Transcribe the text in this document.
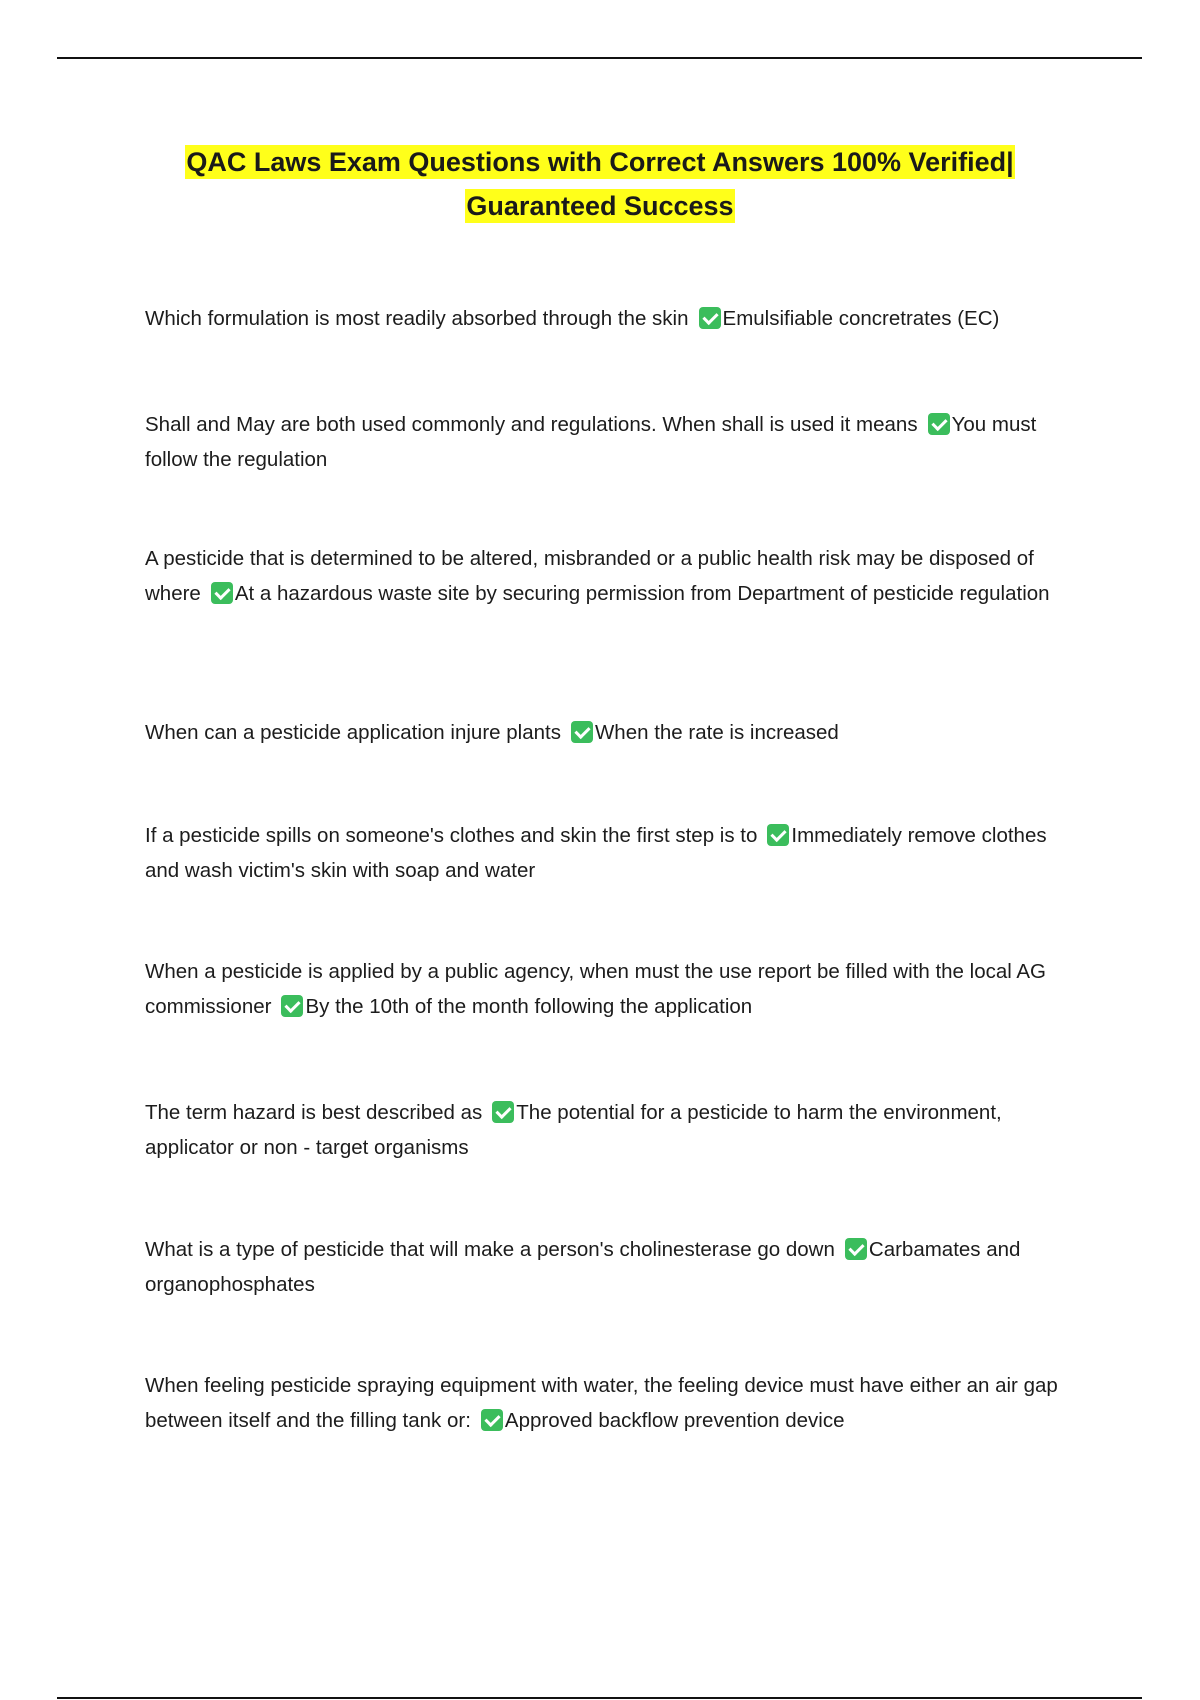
QAC Laws Exam Questions with Correct Answers 100% Verified|
Guaranteed Success
Which formulation is most readily absorbed through the skin Emulsifiable concretrates (EC)
Shall and May are both used commonly and regulations. When shall is used it means You must follow the regulation
A pesticide that is determined to be altered, misbranded or a public health risk may be disposed of where At a hazardous waste site by securing permission from Department of pesticide regulation
When can a pesticide application injure plants When the rate is increased
If a pesticide spills on someone's clothes and skin the first step is to Immediately remove clothes and wash victim's skin with soap and water
When a pesticide is applied by a public agency, when must the use report be filled with the local AG commissioner By the 10th of the month following the application
The term hazard is best described as The potential for a pesticide to harm the environment, applicator or non - target organisms
What is a type of pesticide that will make a person's cholinesterase go down Carbamates and organophosphates
When feeling pesticide spraying equipment with water, the feeling device must have either an air gap between itself and the filling tank or: Approved backflow prevention device
